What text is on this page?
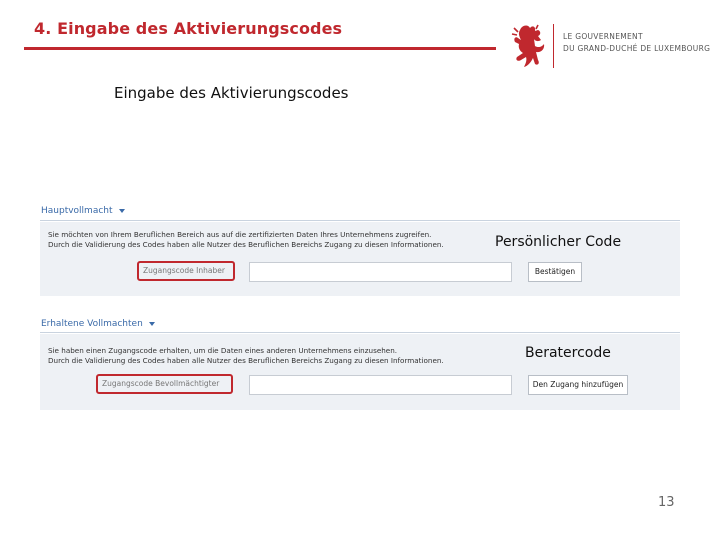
4. Eingabe des Aktivierungscodes	LE GOUVERNEMENT
DU GRAND-DUCHÉ DE LUXEMBOURG
Eingabe des Aktivierungscodes
Hauptvollmacht
Sie möchten von Ihrem Beruflichen Bereich aus auf die zertifizierten Daten Ihres Unternehmens zugreifen.
Durch die Validierung des Codes haben alle Nutzer des Beruflichen Bereichs Zugang zu diesen Informationen.
Zugangscode Inhaber	Bestätigen
Persönlicher Code
Erhaltene Vollmachten
Sie haben einen Zugangscode erhalten, um die Daten eines anderen Unternehmens einzusehen.
Durch die Validierung des Codes haben alle Nutzer des Beruflichen Bereichs Zugang zu diesen Informationen.
Zugangscode Bevollmächtigter	Den Zugang hinzufügen
Beratercode
13
